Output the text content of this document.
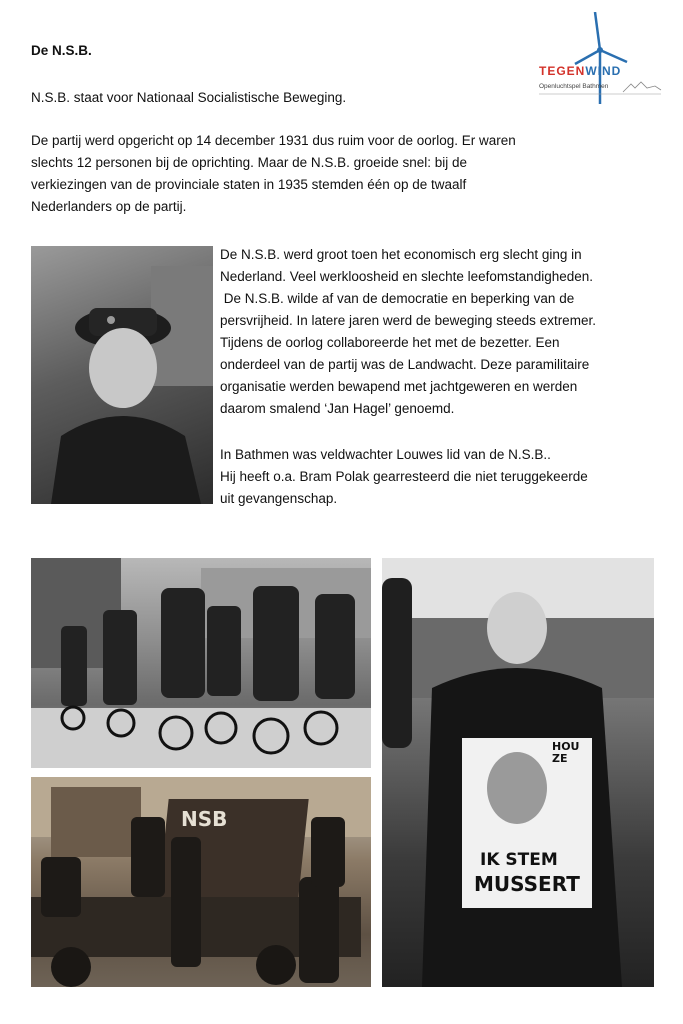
De N.S.B.
N.S.B. staat voor Nationaal Socialistische Beweging.
De partij werd opgericht op 14 december 1931 dus ruim voor de oorlog. Er waren
slechts 12 personen bij de oprichting. Maar de N.S.B. groeide snel: bij de
verkiezingen van de provinciale staten in 1935 stemden één op de twaalf
Nederlanders op de partij.
De N.S.B. werd groot toen het economisch erg slecht ging in
Nederland. Veel werkloosheid en slechte leefomstandigheden.
De N.S.B. wilde af van de democratie en beperking van de
persvrijheid. In latere jaren werd de beweging steeds extremer.
Tijdens de oorlog collaboreerde het met de bezetter. Een
onderdeel van de partij was de Landwacht. Deze paramilitaire
organisatie werden bewapend met jachtgeweren en werden
daarom smalend ‘Jan Hagel’ genoemd.
In Bathmen was veldwachter Louwes lid van de N.S.B..
Hij heeft o.a. Bram Polak gearresteerd die niet teruggekeerde
uit gevangenschap.
TEGENWIND
Openluchtspel Bathmen
NSB
HOU ZE
IK STEM
MUSSERT
